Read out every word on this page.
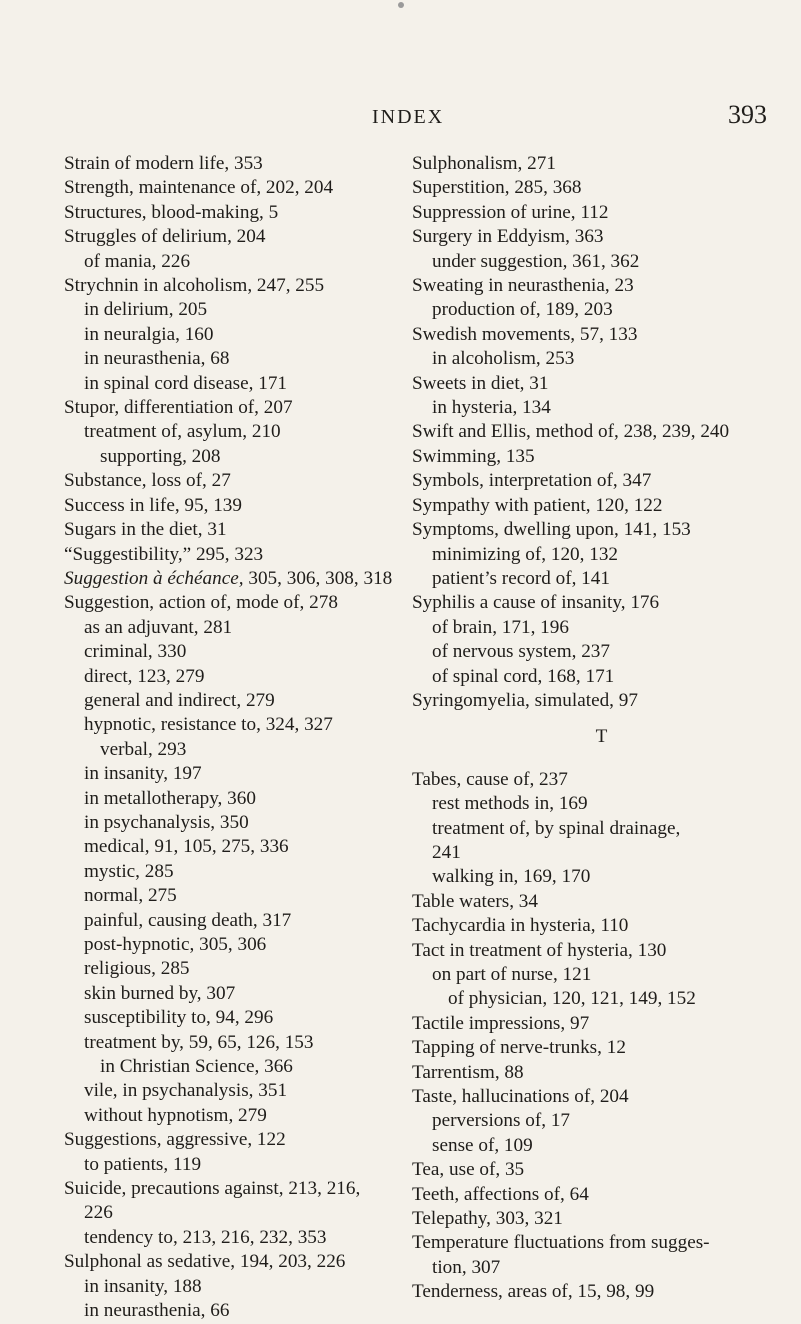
INDEX	393
Strain of modern life, 353
Strength, maintenance of, 202, 204
Structures, blood-making, 5
Struggles of delirium, 204
of mania, 226
Strychnin in alcoholism, 247, 255
in delirium, 205
in neuralgia, 160
in neurasthenia, 68
in spinal cord disease, 171
Stupor, differentiation of, 207
treatment of, asylum, 210
supporting, 208
Substance, loss of, 27
Success in life, 95, 139
Sugars in the diet, 31
“Suggestibility,” 295, 323
Suggestion à échéance, 305, 306, 308, 318
Suggestion, action of, mode of, 278
as an adjuvant, 281
criminal, 330
direct, 123, 279
general and indirect, 279
hypnotic, resistance to, 324, 327
verbal, 293
in insanity, 197
in metallotherapy, 360
in psychanalysis, 350
medical, 91, 105, 275, 336
mystic, 285
normal, 275
painful, causing death, 317
post-hypnotic, 305, 306
religious, 285
skin burned by, 307
susceptibility to, 94, 296
treatment by, 59, 65, 126, 153
in Christian Science, 366
vile, in psychanalysis, 351
without hypnotism, 279
Suggestions, aggressive, 122
to patients, 119
Suicide, precautions against, 213, 216,
226
tendency to, 213, 216, 232, 353
Sulphonal as sedative, 194, 203, 226
in insanity, 188
in neurasthenia, 66
Sulphonalism, 271
Superstition, 285, 368
Suppression of urine, 112
Surgery in Eddyism, 363
under suggestion, 361, 362
Sweating in neurasthenia, 23
production of, 189, 203
Swedish movements, 57, 133
in alcoholism, 253
Sweets in diet, 31
in hysteria, 134
Swift and Ellis, method of, 238, 239, 240
Swimming, 135
Symbols, interpretation of, 347
Sympathy with patient, 120, 122
Symptoms, dwelling upon, 141, 153
minimizing of, 120, 132
patient’s record of, 141
Syphilis a cause of insanity, 176
of brain, 171, 196
of nervous system, 237
of spinal cord, 168, 171
Syringomyelia, simulated, 97
T
Tabes, cause of, 237
rest methods in, 169
treatment of, by spinal drainage,
241
walking in, 169, 170
Table waters, 34
Tachycardia in hysteria, 110
Tact in treatment of hysteria, 130
on part of nurse, 121
of physician, 120, 121, 149, 152
Tactile impressions, 97
Tapping of nerve-trunks, 12
Tarrentism, 88
Taste, hallucinations of, 204
perversions of, 17
sense of, 109
Tea, use of, 35
Teeth, affections of, 64
Telepathy, 303, 321
Temperature fluctuations from sugges-
tion, 307
Tenderness, areas of, 15, 98, 99
